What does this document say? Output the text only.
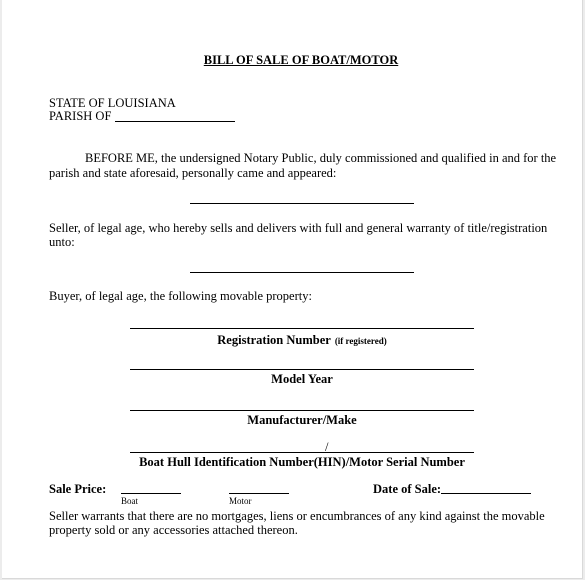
BILL OF SALE OF BOAT/MOTOR
STATE OF LOUISIANA
PARISH OF
BEFORE ME, the undersigned Notary Public, duly commissioned and qualified in and for the
parish and state aforesaid, personally came and appeared:
Seller, of legal age, who hereby sells and delivers with full and general warranty of title/registration
unto:
Buyer, of legal age, the following movable property:
Registration Number (if registered)
Model Year
Manufacturer/Make
/
Boat Hull Identification Number(HIN)/Motor Serial Number
Sale Price:
Boat	Motor
Date of Sale:
Seller warrants that there are no mortgages, liens or encumbrances of any kind against the movable
property sold or any accessories attached thereon.
